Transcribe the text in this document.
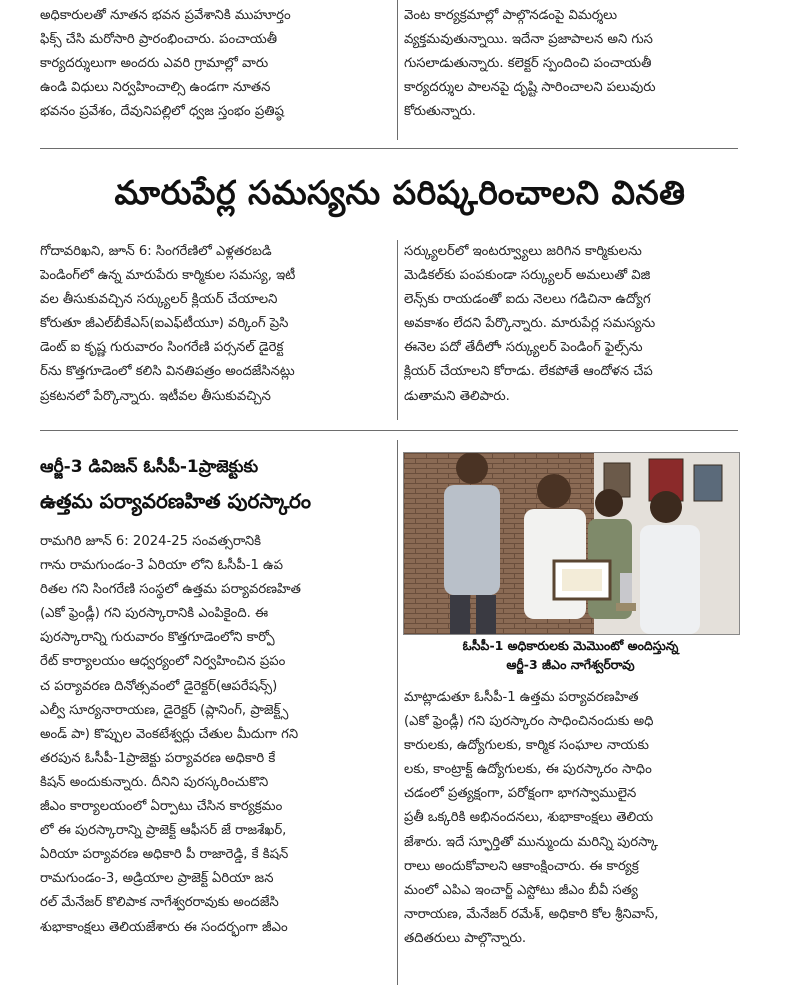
అధికారులతో నూతన భవన ప్రవేశానికి ముహూర్తం

ఫిక్స్ చేసి మరోసారి ప్రారంభించారు. పంచాయతీ

కార్యదర్శులుగా అందరు ఎవరి గ్రామాల్లో వారు

ఉండి విధులు నిర్వహించాల్సి ఉండగా నూతన

భవనం ప్రవేశం, దేవునిపల్లిలో ధ్వజ స్తంభం ప్రతిష్ఠ

వెంట కార్యక్రమాల్లో పాల్గొనడంపై విమర్శలు

వ్యక్తమవుతున్నాయి. ఇదేనా ప్రజాపాలన అని గుస

గుసలాడుతున్నారు. కలెక్టర్ స్పందించి పంచాయతీ

కార్యదర్శుల పాలనపై దృష్టి సారించాలని పలువురు

కోరుతున్నారు.

మారుపేర్ల సమస్యను పరిష్కరించాలని వినతి

గోదావరిఖని, జూన్ 6: సింగరేణిలో ఎళ్లతరబడి

పెండింగ్‌లో ఉన్న మారుపేరు కార్మికుల సమస్య, ఇటీ

వల తీసుకువచ్చిన సర్క్యులర్ క్లియర్ చేయాలని

కోరుతూ జీఎల్‌బీకేఎస్(ఐఎఫ్‌టీయూ) వర్కింగ్ ప్రెసి

డెంట్ ఐ కృష్ణ గురువారం సింగరేణి పర్సనల్ డైరెక్ట

ర్‌ను కొత్తగూడెంలో కలిసి వినతిపత్రం అందజేసినట్లు

ప్రకటనలో పేర్కొన్నారు. ఇటీవల తీసుకువచ్చిన

సర్క్యులర్‌లో ఇంటర్వ్యూలు జరిగిన కార్మికులను

మెడికల్‌కు పంపకుండా సర్క్యులర్ అమలుతో విజి

లెన్స్‌కు రాయడంతో ఐదు నెలలు గడిచినా ఉద్యోగ

అవకాశం లేదని పేర్కొన్నారు. మారుపేర్ల సమస్యను

ఈనెల పదో తేదీలోా సర్క్యులర్ పెండింగ్ ఫైల్స్‌ను

క్లియర్ చేయాలని కోరాడు. లేకపోతే ఆందోళన చేప

డుతామని తెలిపారు.

ఆర్జీ-3 డివిజన్ ఓసీపీ-1ప్రాజెక్టుకు
ఉత్తమ పర్యావరణహిత పురస్కారం

రామగిరి జూన్ 6: 2024-25 సంవత్సరానికి

గాను రామగుండం-3 ఏరియా లోని ఓసీపీ-1 ఉప

రితల గని సింగరేణి సంస్థలో ఉత్తమ పర్యావరణహిత

(ఎకో ఫ్రెండ్లీ) గని పురస్కారానికి ఎంపికైంది. ఈ

పురస్కారాన్ని గురువారం కొత్తగూడెంలోని కార్పో

రేట్ కార్యాలయం ఆధ్వర్యంలో నిర్వహించిన ప్రపం

చ పర్యావరణ దినోత్సవంలో డైరెక్టర్(ఆపరేషన్స్)

ఎల్వీ సూర్యనారాయణ, డైరెక్టర్ (ప్లానింగ్, ప్రాజెక్ట్స్

అండ్ పా) కొప్పుల వెంకటేశ్వర్లు చేతుల మీదుగా గని

తరపున ఓసీపీ-1ప్రాజెక్టు పర్యావరణ అధికారి కే

కిషన్ అందుకున్నారు. దీనిని పురస్కరించుకొని

జీఎం కార్యాలయంలో ఏర్పాటు చేసిన కార్యక్రమం

లో ఈ పురస్కారాన్ని ప్రాజెక్ట్ ఆఫీసర్ జే రాజశేఖర్,

ఏరియా పర్యావరణ అధికారి పీ రాజారెడ్డి, కే కిషన్

రామగుండం-3, అడ్రియాల ప్రాజెక్ట్ ఏరియా జన

రల్ మేనేజర్ కొలిపాక నాగేశ్వరరావుకు అందజేసి

శుభాకాంక్షలు తెలియజేశారు ఈ సందర్భంగా జీఎం

ఓసీపీ-1 అధికారులకు మెమొంటో అందిస్తున్న
ఆర్జీ-3 జీఎం నాగేశ్వర్‌రావు

మాట్లాడుతూ ఓసీపీ-1 ఉత్తమ పర్యావరణహిత

(ఎకో ఫ్రెండ్లీ) గని పురస్కారం సాధించినందుకు అధి

కారులకు, ఉద్యోగులకు, కార్మిక సంఘాల నాయకు

లకు, కాంట్రాక్ట్ ఉద్యోగులకు, ఈ పురస్కారం సాధిం

చడంలో ప్రత్యక్షంగా, పరోక్షంగా భాగస్వాములైన

ప్రతీ ఒక్కరికి అభినందనలు, శుభాకాంక్షలు తెలియ

జేశారు. ఇదే స్ఫూర్తితో మున్ముందు మరిన్ని పురస్కా

రాలు అందుకోవాలని ఆకాంక్షించారు. ఈ కార్యక్ర

మంలో ఎపిఎ ఇంచార్జ్ ఎస్టోటు జీఎం బీవీ సత్య

నారాయణ, మేనేజర్ రమేశ్, అధికారి కోల శ్రీనివాస్,

తదితరులు పాల్గొన్నారు.
